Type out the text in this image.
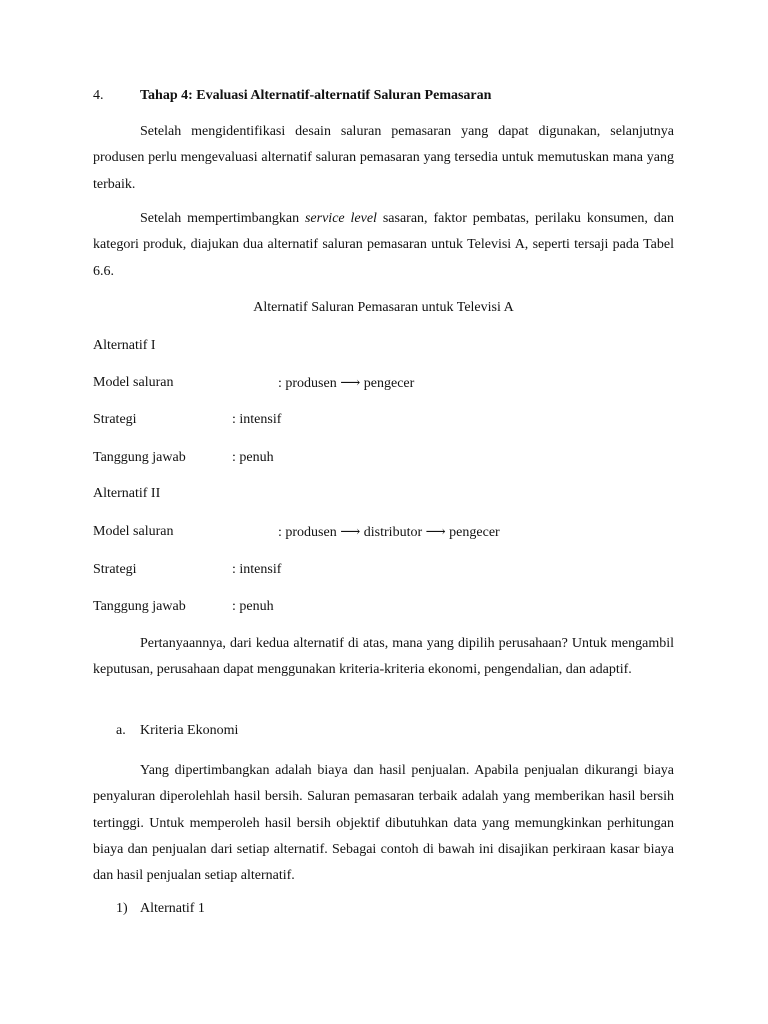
4.	Tahap 4: Evaluasi Alternatif-alternatif Saluran Pemasaran

Setelah mengidentifikasi desain saluran pemasaran yang dapat digunakan, selanjutnya produsen perlu mengevaluasi alternatif saluran pemasaran yang tersedia untuk memutuskan mana yang terbaik.

Setelah mempertimbangkan service level sasaran, faktor pembatas, perilaku konsumen, dan kategori produk, diajukan dua alternatif saluran pemasaran untuk Televisi A, seperti tersaji pada Tabel 6.6.

Alternatif Saluran Pemasaran untuk Televisi A
Alternatif I
Model saluran	: produsen ⟶ pengecer
Strategi	: intensif
Tanggung jawab	: penuh
Alternatif II
Model saluran	: produsen ⟶ distributor ⟶ pengecer
Strategi	: intensif
Tanggung jawab	: penuh

Pertanyaannya, dari kedua alternatif di atas, mana yang dipilih perusahaan? Untuk mengambil keputusan, perusahaan dapat menggunakan kriteria-kriteria ekonomi, pengendalian, dan adaptif.

a. Kriteria Ekonomi

Yang dipertimbangkan adalah biaya dan hasil penjualan. Apabila penjualan dikurangi biaya penyaluran diperolehlah hasil bersih. Saluran pemasaran terbaik adalah yang memberikan hasil bersih tertinggi. Untuk memperoleh hasil bersih objektif dibutuhkan data yang memungkinkan perhitungan biaya dan penjualan dari setiap alternatif. Sebagai contoh di bawah ini disajikan perkiraan kasar biaya dan hasil penjualan setiap alternatif.

1) Alternatif 1
